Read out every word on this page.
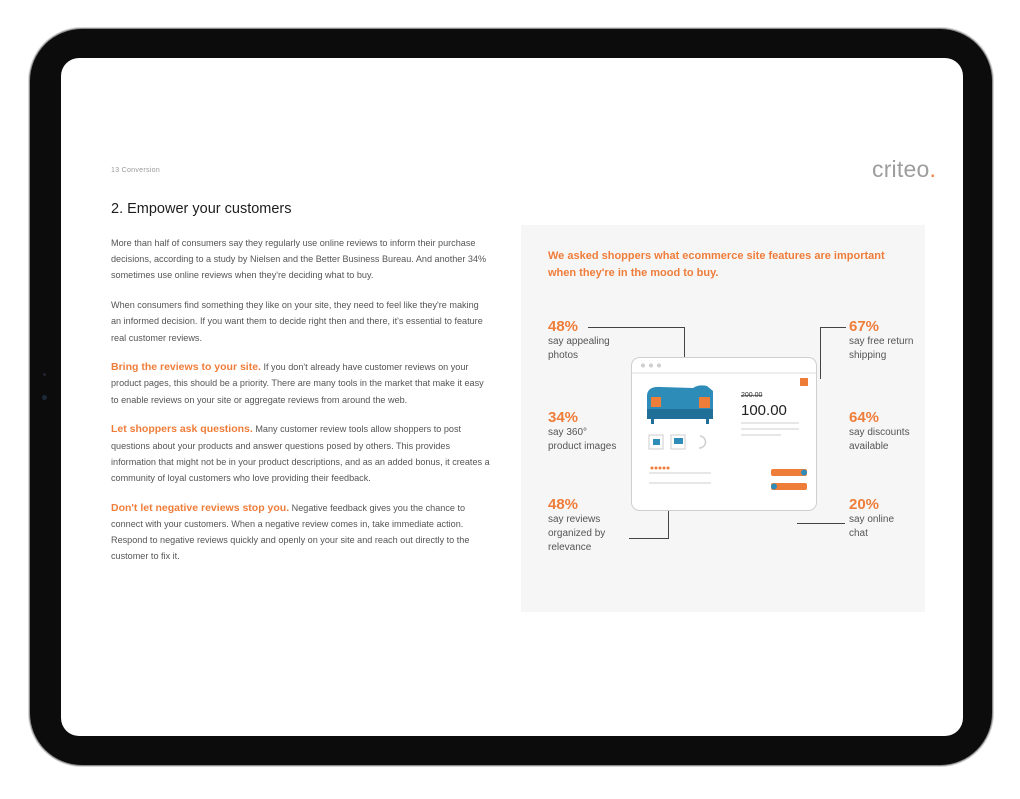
13 Conversion	criteo.
2. Empower your customers

More than half of consumers say they regularly use online reviews to inform their purchase decisions, according to a study by Nielsen and the Better Business Bureau. And another 34% sometimes use online reviews when they're deciding what to buy.

When consumers find something they like on your site, they need to feel like they're making an informed decision. If you want them to decide right then and there, it's essential to feature real customer reviews.

Bring the reviews to your site. If you don't already have customer reviews on your product pages, this should be a priority. There are many tools in the market that make it easy to enable reviews on your site or aggregate reviews from around the web.

Let shoppers ask questions. Many customer review tools allow shoppers to post questions about your products and answer questions posed by others. This provides information that might not be in your product descriptions, and as an added bonus, it creates a community of loyal customers who love providing their feedback.

Don't let negative reviews stop you. Negative feedback gives you the chance to connect with your customers. When a negative review comes in, take immediate action. Respond to negative reviews quickly and openly on your site and reach out directly to the customer to fix it.

We asked shoppers what ecommerce site features are important when they're in the mood to buy.
48%
say appealing photos
34%
say 360° product images
48%
say reviews organized by relevance
67%
say free return shipping
64%
say discounts available
20%
say online chat
200.00
100.00
